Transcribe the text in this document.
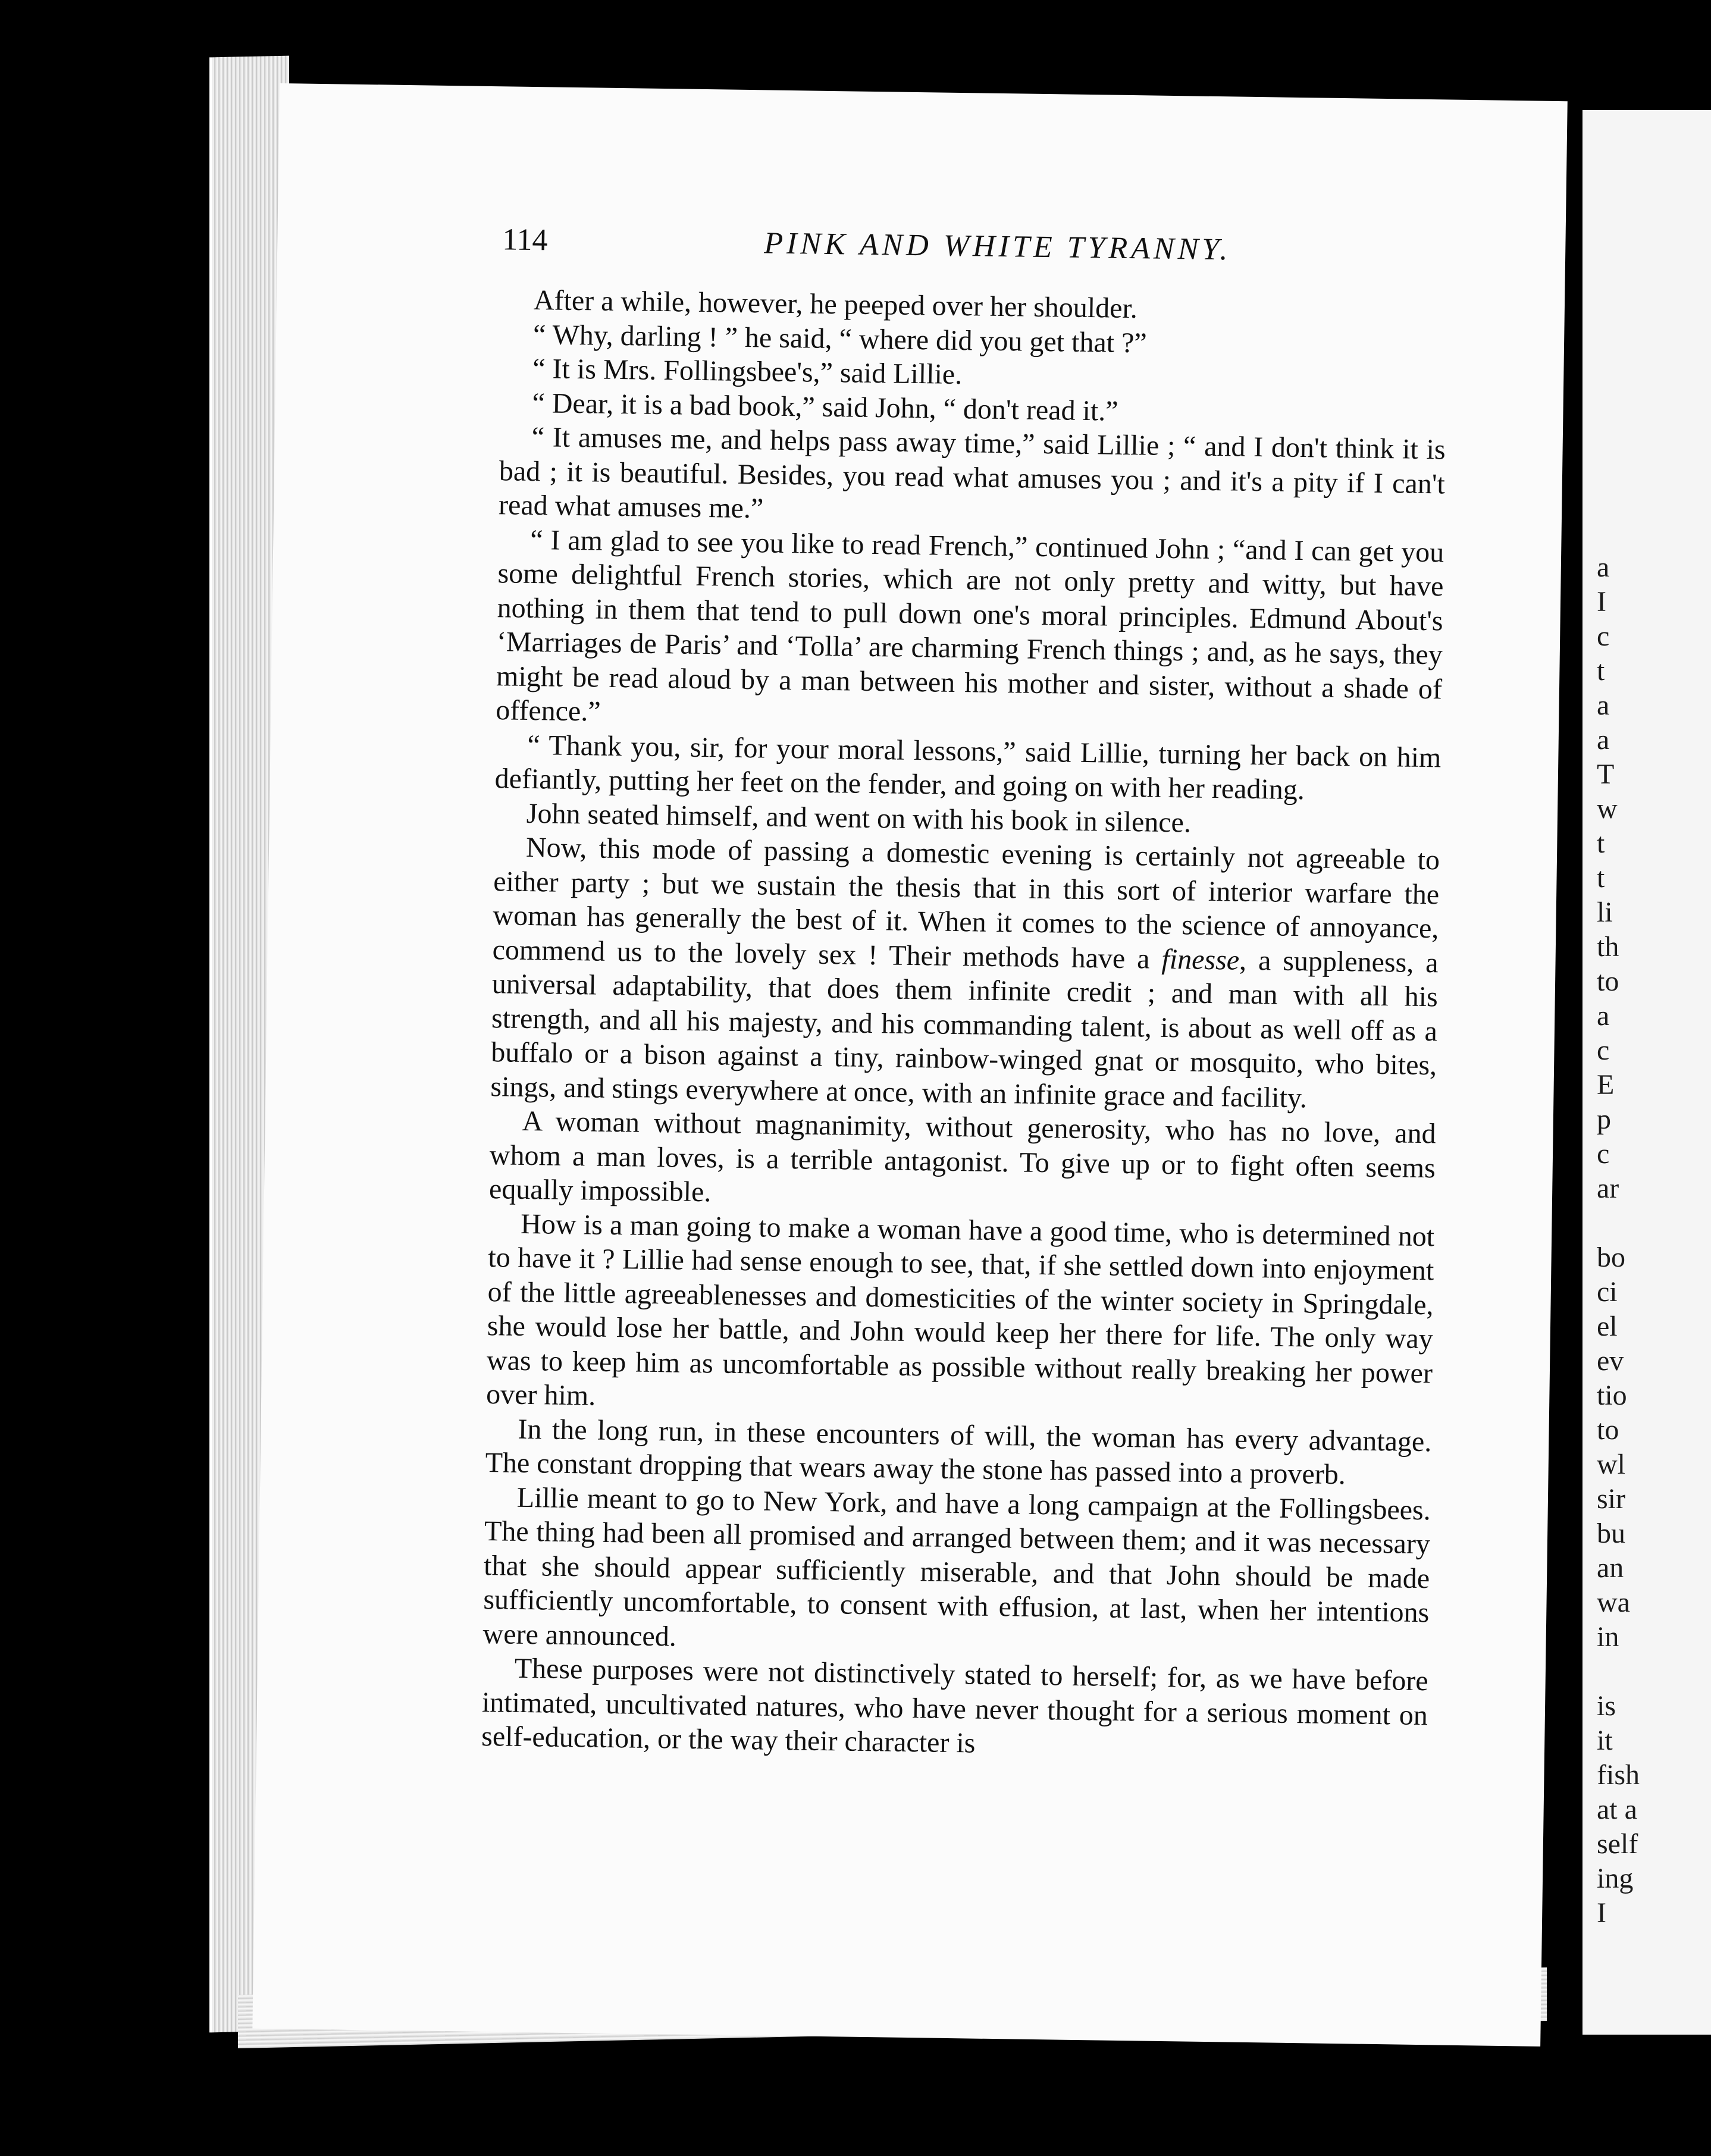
a
I
c
t
a
a
T
w
t
t
li
th
to
a
c
E
p
c
ar

bo
ci
el
ev
tio
to
wl
sir
bu
an
wa
in

is
it
fish
at a
self
ing
I
114	PINK AND WHITE TYRANNY.

After a while, however, he peeped over her shoulder.

“ Why, darling ! ” he said, “ where did you get that ?”

“ It is Mrs. Follingsbee's,” said Lillie.

“ Dear, it is a bad book,” said John, “ don't read it.”

“ It amuses me, and helps pass away time,” said Lillie ; “ and I don't think it is bad ; it is beautiful. Besides, you read what amuses you ; and it's a pity if I can't read what amuses me.”

“ I am glad to see you like to read French,” continued John ; “and I can get you some delightful French stories, which are not only pretty and witty, but have nothing in them that tend to pull down one's moral principles. Edmund About's ‘Marriages de Paris’ and ‘Tolla’ are charming French things ; and, as he says, they might be read aloud by a man between his mother and sister, without a shade of offence.”

“ Thank you, sir, for your moral lessons,” said Lillie, turning her back on him defiantly, putting her feet on the fender, and going on with her reading.

John seated himself, and went on with his book in silence.

Now, this mode of passing a domestic evening is certainly not agreeable to either party ; but we sustain the thesis that in this sort of interior warfare the woman has generally the best of it. When it comes to the science of annoyance, commend us to the lovely sex ! Their methods have a finesse, a suppleness, a universal adaptability, that does them infinite credit ; and man with all his strength, and all his majesty, and his commanding talent, is about as well off as a buffalo or a bison against a tiny, rainbow-winged gnat or mosquito, who bites, sings, and stings everywhere at once, with an infinite grace and facility.

A woman without magnanimity, without generosity, who has no love, and whom a man loves, is a terrible antagonist. To give up or to fight often seems equally impossible.

How is a man going to make a woman have a good time, who is determined not to have it ? Lillie had sense enough to see, that, if she settled down into enjoyment of the little agreeablenesses and domesticities of the winter society in Springdale, she would lose her battle, and John would keep her there for life. The only way was to keep him as uncomfortable as possible without really breaking her power over him.

In the long run, in these encounters of will, the woman has every advantage. The constant dropping that wears away the stone has passed into a proverb.

Lillie meant to go to New York, and have a long campaign at the Follingsbees. The thing had been all promised and arranged between them; and it was necessary that she should appear sufficiently miserable, and that John should be made sufficiently uncomfortable, to consent with effusion, at last, when her intentions were announced.

These purposes were not distinctively stated to herself; for, as we have before intimated, uncultivated natures, who have never thought for a serious moment on self-education, or the way their character is
